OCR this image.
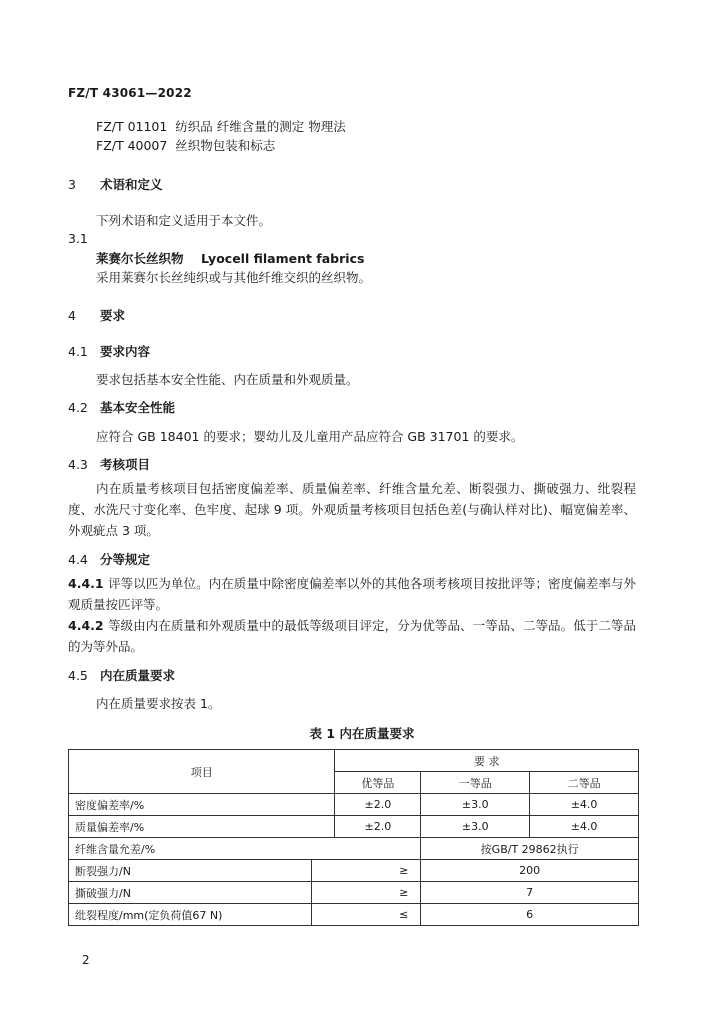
FZ/T 43061—2022
FZ/T 01101 纺织品 纤维含量的测定 物理法
FZ/T 40007 丝织物包装和标志
3 术语和定义
下列术语和定义适用于本文件。
3.1
莱赛尔长丝织物 Lyocell filament fabrics
采用莱赛尔长丝纯织或与其他纤维交织的丝织物。
4 要求
4.1 要求内容
要求包括基本安全性能、内在质量和外观质量。
4.2 基本安全性能
应符合 GB 18401 的要求；婴幼儿及儿童用产品应符合 GB 31701 的要求。
4.3 考核项目
内在质量考核项目包括密度偏差率、质量偏差率、纤维含量允差、断裂强力、撕破强力、纰裂程度、水洗尺寸变化率、色牢度、起球 9 项。外观质量考核项目包括色差(与确认样对比)、幅宽偏差率、外观疵点 3 项。
4.4 分等规定
4.4.1 评等以匹为单位。内在质量中除密度偏差率以外的其他各项考核项目按批评等；密度偏差率与外观质量按匹评等。
4.4.2 等级由内在质量和外观质量中的最低等级项目评定，分为优等品、一等品、二等品。低于二等品的为等外品。
4.5 内在质量要求
内在质量要求按表 1。
表 1 内在质量要求
项目		要 求		
		优等品	一等品	二等品
密度偏差率/%		±2.0	±3.0	±4.0
质量偏差率/%		±2.0	±3.0	±4.0
纤维含量允差/%			按GB/T 29862执行	
断裂强力/N	≥		200	
撕破强力/N	≥		7	
纰裂程度/mm(定负荷值67 N)	≤		6	
2
